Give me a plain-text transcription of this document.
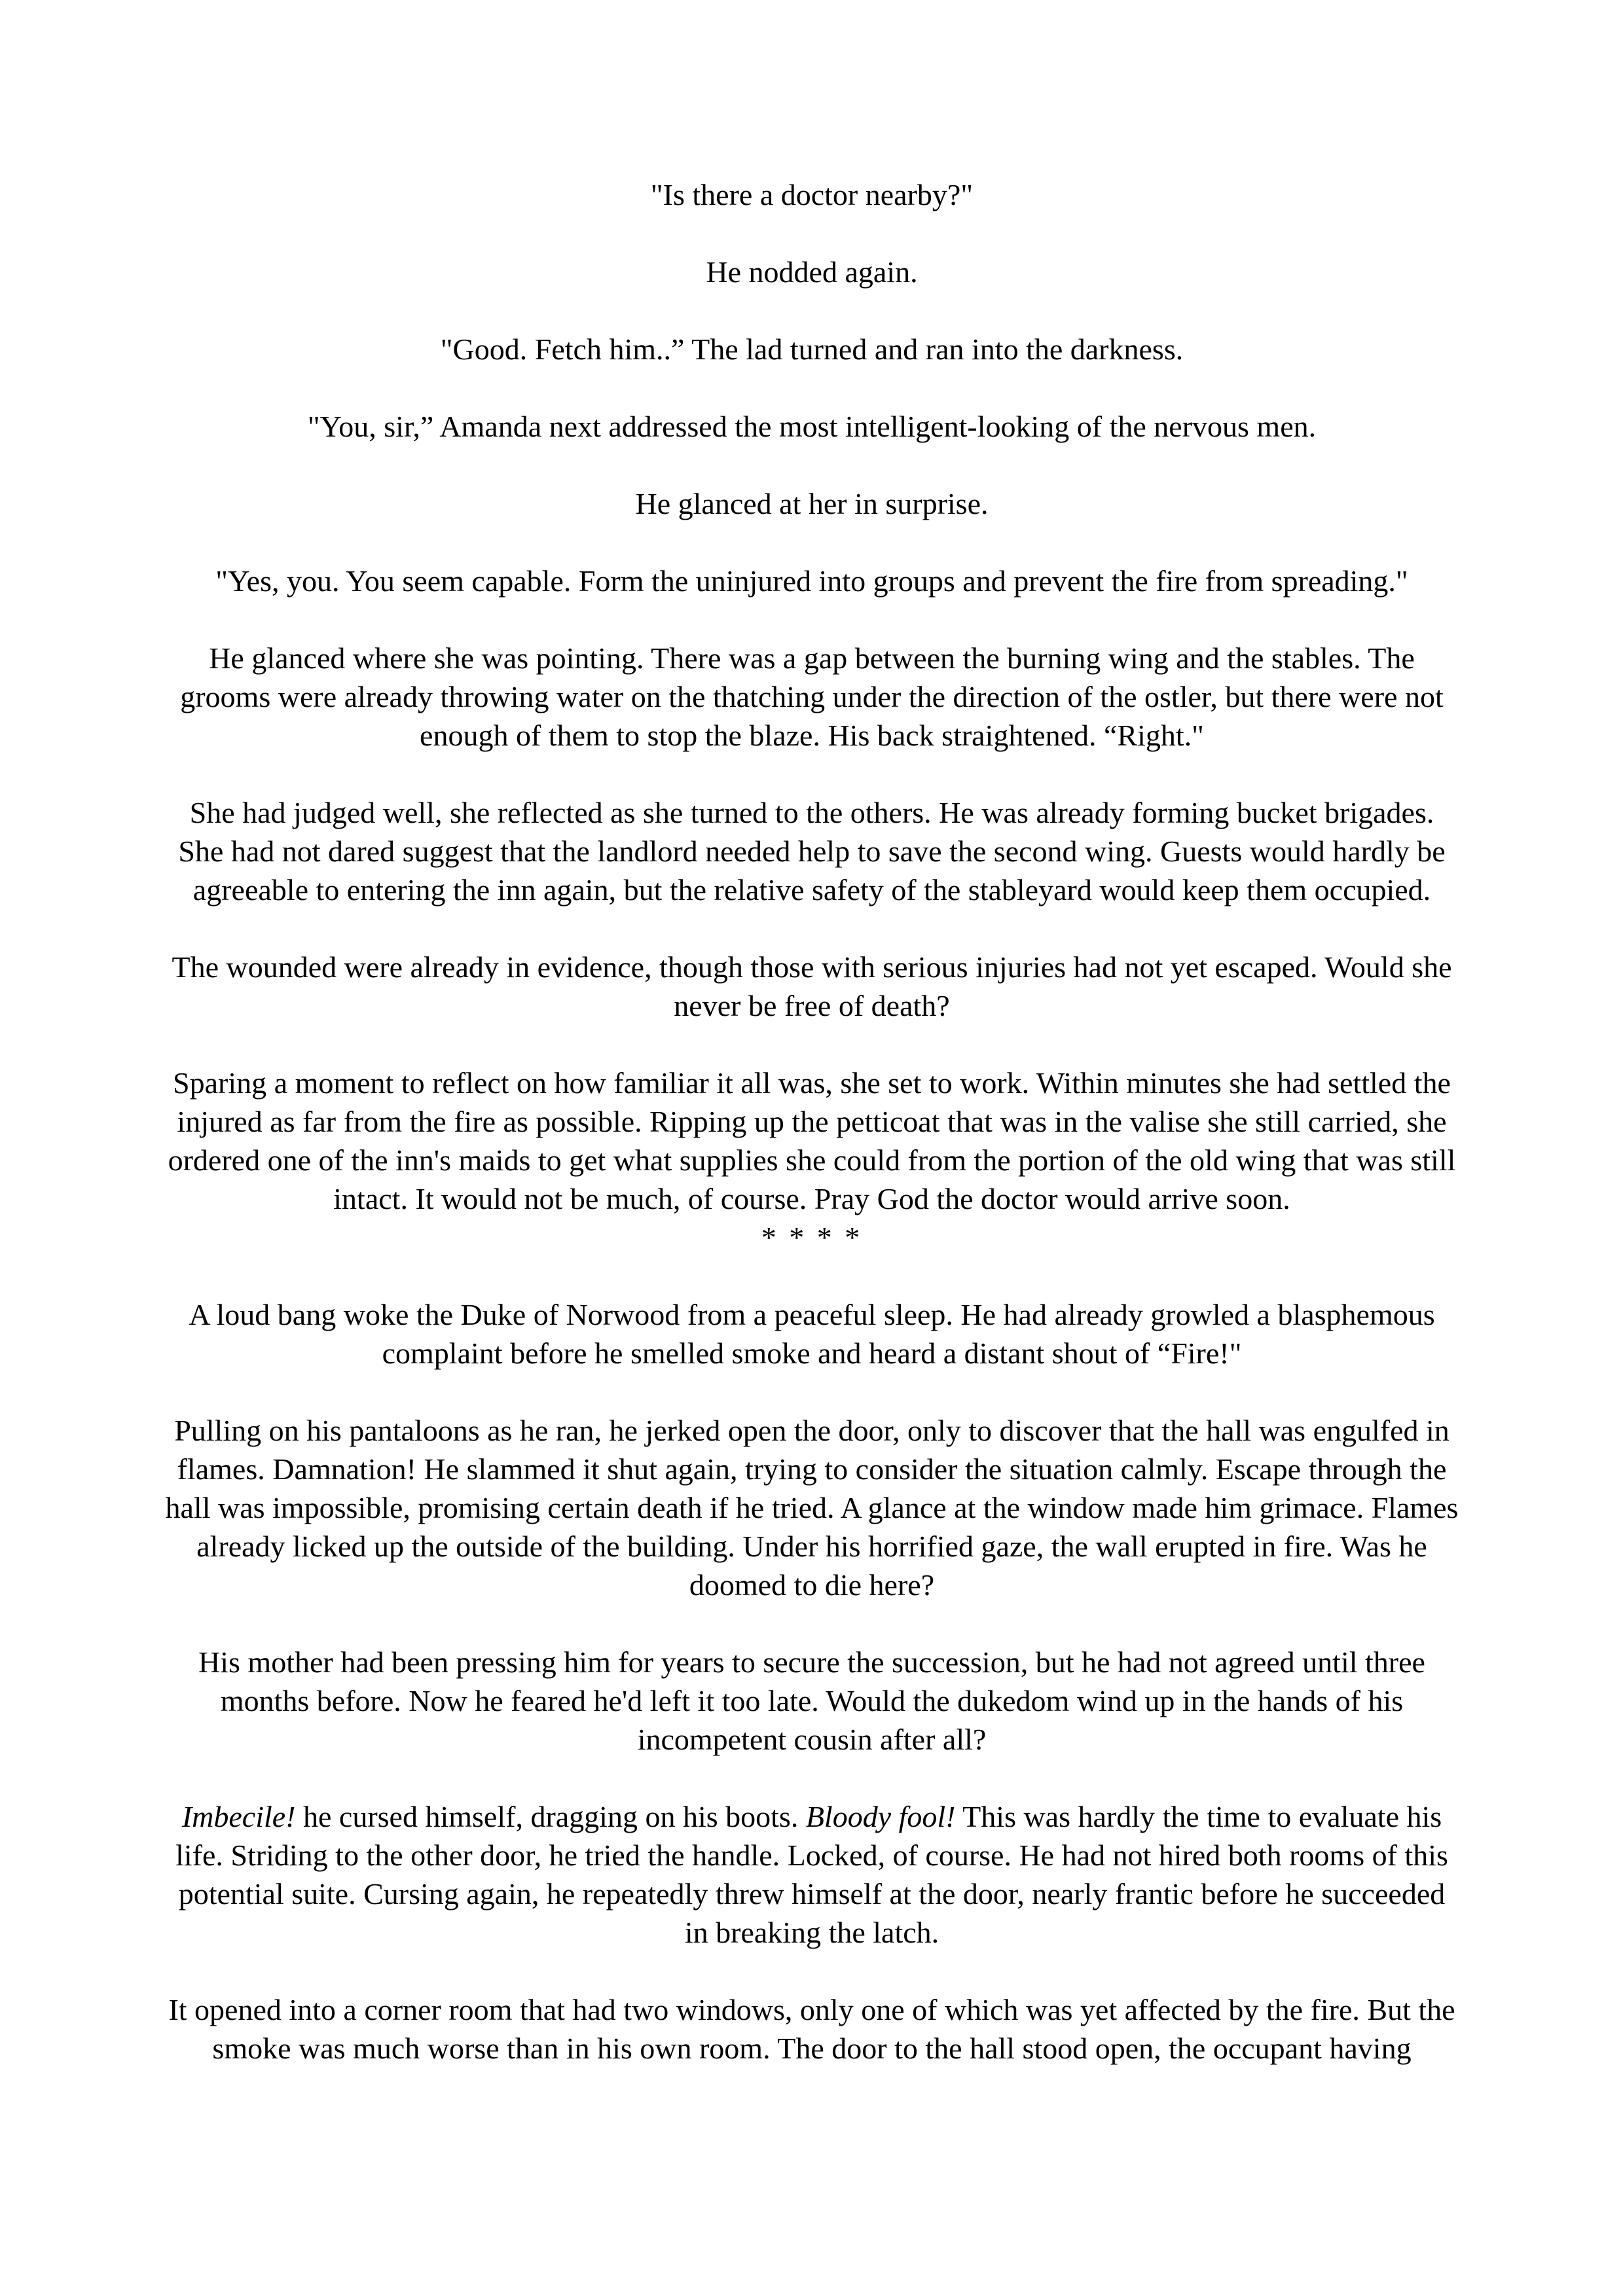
"Is there a doctor nearby?"

He nodded again.

"Good. Fetch him..” The lad turned and ran into the darkness.

"You, sir,” Amanda next addressed the most intelligent-looking of the nervous men.

He glanced at her in surprise.

"Yes, you. You seem capable. Form the uninjured into groups and prevent the fire from spreading."

He glanced where she was pointing. There was a gap between the burning wing and the stables. The grooms were already throwing water on the thatching under the direction of the ostler, but there were not enough of them to stop the blaze. His back straightened. “Right."

She had judged well, she reflected as she turned to the others. He was already forming bucket brigades. She had not dared suggest that the landlord needed help to save the second wing. Guests would hardly be agreeable to entering the inn again, but the relative safety of the stableyard would keep them occupied.

The wounded were already in evidence, though those with serious injuries had not yet escaped. Would she never be free of death?

Sparing a moment to reflect on how familiar it all was, she set to work. Within minutes she had settled the injured as far from the fire as possible. Ripping up the petticoat that was in the valise she still carried, she ordered one of the inn's maids to get what supplies she could from the portion of the old wing that was still intact. It would not be much, of course. Pray God the doctor would arrive soon.

* * * *

A loud bang woke the Duke of Norwood from a peaceful sleep. He had already growled a blasphemous complaint before he smelled smoke and heard a distant shout of “Fire!"

Pulling on his pantaloons as he ran, he jerked open the door, only to discover that the hall was engulfed in flames. Damnation! He slammed it shut again, trying to consider the situation calmly. Escape through the hall was impossible, promising certain death if he tried. A glance at the window made him grimace. Flames already licked up the outside of the building. Under his horrified gaze, the wall erupted in fire. Was he doomed to die here?

His mother had been pressing him for years to secure the succession, but he had not agreed until three months before. Now he feared he'd left it too late. Would the dukedom wind up in the hands of his incompetent cousin after all?

Imbecile! he cursed himself, dragging on his boots. Bloody fool! This was hardly the time to evaluate his life. Striding to the other door, he tried the handle. Locked, of course. He had not hired both rooms of this potential suite. Cursing again, he repeatedly threw himself at the door, nearly frantic before he succeeded in breaking the latch.

It opened into a corner room that had two windows, only one of which was yet affected by the fire. But the smoke was much worse than in his own room. The door to the hall stood open, the occupant having
